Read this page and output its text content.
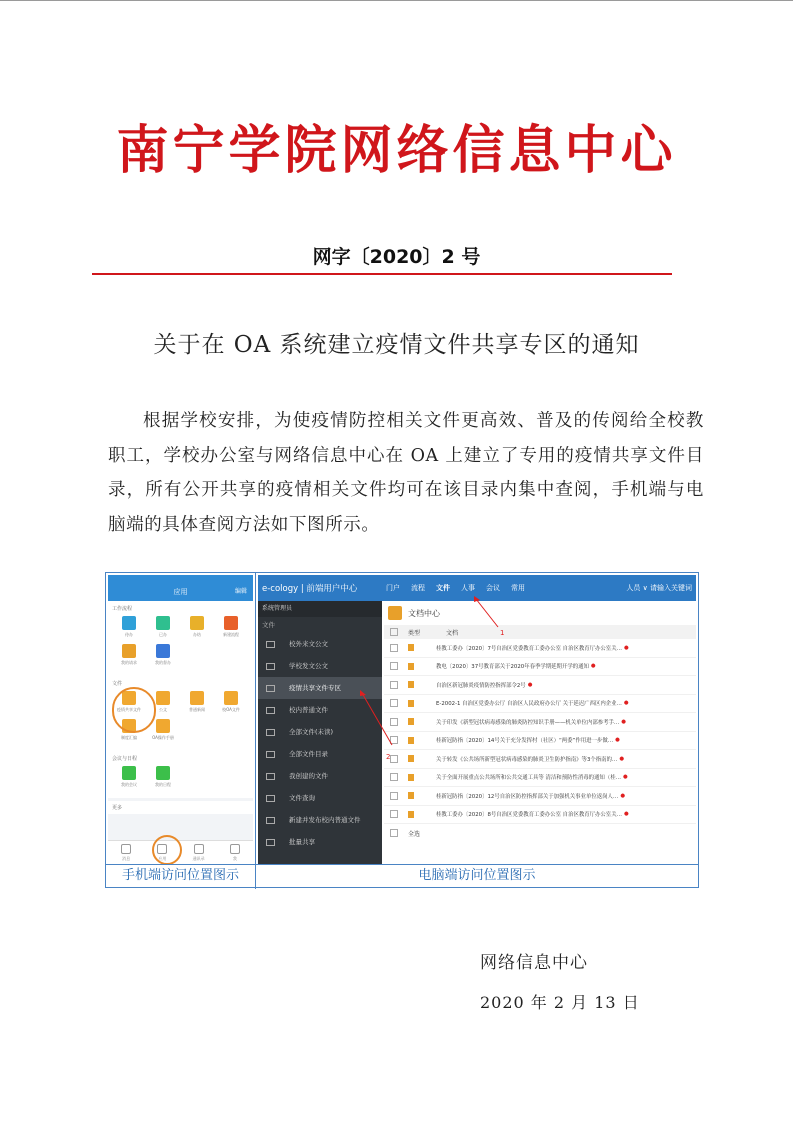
南宁学院网络信息中心
网字〔2020〕2 号
关于在 OA 系统建立疫情文件共享专区的通知
根据学校安排，为使疫情防控相关文件更高效、普及的传阅给全校教职工，学校办公室与网络信息中心在 OA 上建立了专用的疫情共享文件目录，所有公开共享的疫情相关文件均可在该目录内集中查阅，手机端与电脑端的具体查阅方法如下图所示。
应用	编辑
工作流程
待办	已办	办结	新建流程
我的请求	我的督办
文件
疫情共享文件	公文	普通新闻	校OA文件
制度汇编	OA操作手册
会议与日程
我的会议	我的日程
更多
消息	应用	通讯录	我
e-cology | 前端用户中心	门户 流程 文件 人事 会议 常用	人员 ∨ 请输入关键词
系统管理员
文件
校外来文公文
学校发文公文
疫情共享文件专区
校内普通文件
全部文件(未读)
全部文件目录
我创建的文件
文件查询
新建并发布校内普通文件
批量共享
文档中心
类型	文档
桂教工委办〔2020〕7号自治区党委教育工委办公室 自治区教育厅办公室关… ●
教电〔2020〕37号教育部关于2020年春季学期延期开学的通知 ●
自治区新冠肺炎疫情防控指挥部令2号 ●
E-2002-1 自治区党委办公厅 自治区人民政府办公厅 关于延迟广西区内企业… ●
关于印发《新型冠状病毒感染的肺炎防控知识手册——机关单位内部参考手… ●
桂新冠防指〔2020〕14号关于充分发挥村（社区）“两委”作用进一步做… ●
关于转发《公共场所新型冠状病毒感染的肺炎卫生防护指南》等3个指南的… ●
关于全面开展重点公共场所和公共交通工具等 清洁和预防性消毒的通知（桂… ●
桂新冠防指〔2020〕12号自治区防控指挥部关于加强机关事业单位返岗人… ●
桂教工委办〔2020〕8号自治区党委教育工委办公室 自治区教育厅办公室关… ●
全选
1
2
手机端访问位置图示	电脑端访问位置图示
网络信息中心
2020 年 2 月 13 日
